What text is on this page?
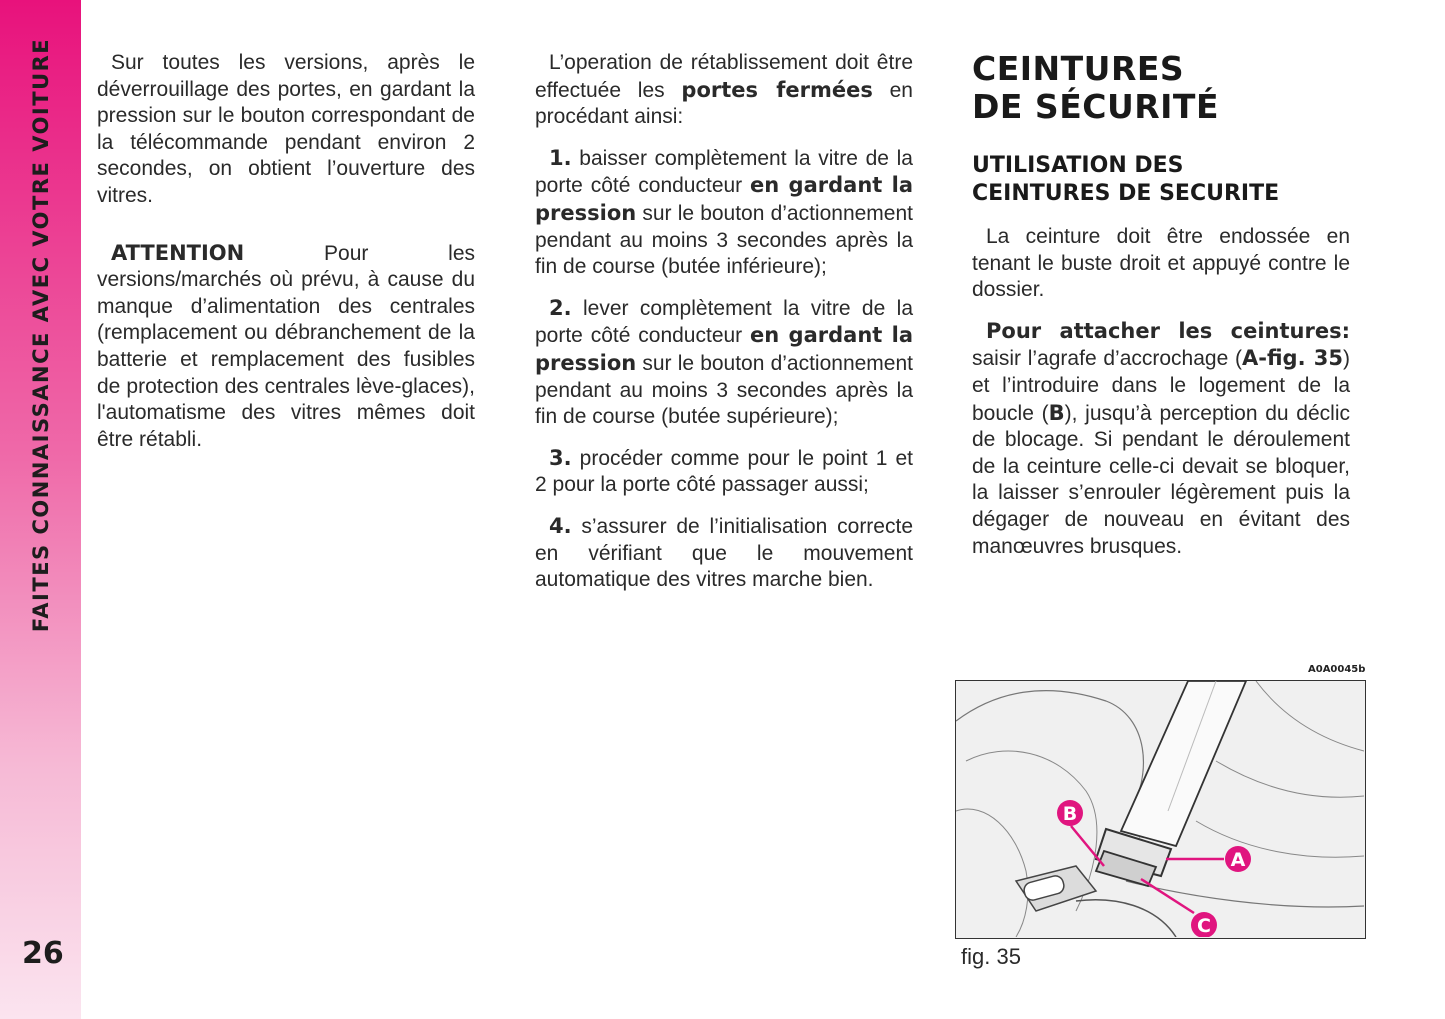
FAITES CONNAISSANCE AVEC VOTRE VOITURE
26

Sur toutes les versions, après le déverrouillage des portes, en gardant la pression sur le bouton correspondant de la télécommande pendant environ 2 secondes, on obtient l’ouverture des vitres.

ATTENTION Pour les versions/marchés où prévu, à cause du manque d’alimentation des centrales (remplacement ou débranchement de la batterie et remplacement des fusibles de protection des centrales lève-glaces), l'automatisme des vitres mêmes doit être rétabli.

L’operation de rétablissement doit être effectuée les portes fermées en procédant ainsi:

1. baisser complètement la vitre de la porte côté conducteur en gardant la pression sur le bouton d’actionnement pendant au moins 3 secondes après la fin de course (butée inférieure);

2. lever complètement la vitre de la porte côté conducteur en gardant la pression sur le bouton d’actionnement pendant au moins 3 secondes après la fin de course (butée supérieure);

3. procéder comme pour le point 1 et 2 pour la porte côté passager aussi;

4. s’assurer de l’initialisation correcte en vérifiant que le mouvement automatique des vitres marche bien.

CEINTURES
DE SÉCURITÉ
UTILISATION DES
CEINTURES DE SECURITE

La ceinture doit être endossée en tenant le buste droit et appuyé contre le dossier.

Pour attacher les ceintures: saisir l’agrafe d’accrochage (A-fig. 35) et l’introduire dans le logement de la boucle (B), jusqu’à perception du déclic de blocage. Si pendant le déroulement de la ceinture celle-ci devait se bloquer, la laisser s’enrouler légèrement puis la dégager de nouveau en évitant des manœuvres brusques.

A0A0045b
B
A
C
fig. 35
